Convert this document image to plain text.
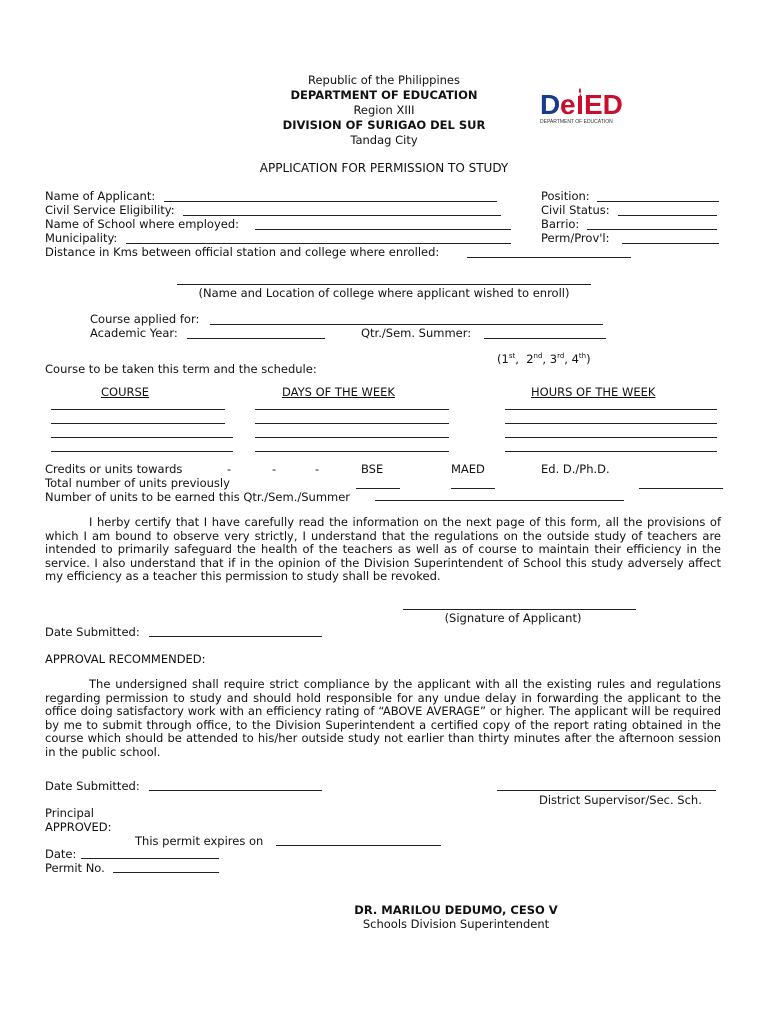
Republic of the Philippines
DEPARTMENT OF EDUCATION
Region XIII
DIVISION OF SURIGAO DEL SUR
Tandag City
D e ED
DEPARTMENT OF EDUCATION
APPLICATION FOR PERMISSION TO STUDY
Name of Applicant:	Position:
Civil Service Eligibility:	Civil Status:
Name of School where employed:	Barrio:
Municipality:	Perm/Prov'l:
Distance in Kms between official station and college where enrolled:
(Name and Location of college where applicant wished to enroll)
Course applied for:
Academic Year:	Qtr./Sem. Summer:
(1st,  2nd, 3rd, 4th)
Course to be taken this term and the schedule:
COURSE	DAYS OF THE WEEK	HOURS OF THE WEEK
Credits or units towards	-	-	-	BSE	MAED	Ed. D./Ph.D.
Total number of units previously
Number of units to be earned this Qtr./Sem./Summer
I herby certify that I have carefully read the information on the next page of this form, all the provisions of which I am bound to observe very strictly, I understand that the regulations on the outside study of teachers are intended to primarily safeguard the health of the teachers as well as of course to maintain their efficiency in the service. I also understand that if in the opinion of the Division Superintendent of School this study adversely affect my efficiency as a teacher this permission to study shall be revoked.
(Signature of Applicant)
Date Submitted:
APPROVAL RECOMMENDED:
The undersigned shall require strict compliance by the applicant with all the existing rules and regulations regarding permission to study and should hold responsible for any undue delay in forwarding the applicant to the office doing satisfactory work with an efficiency rating of “ABOVE AVERAGE” or higher. The applicant will be required by me to submit through office, to the Division Superintendent a certified copy of the report rating obtained in the course which should be attended to his/her outside study not earlier than thirty minutes after the afternoon session in the public school.
Date Submitted:
District Supervisor/Sec. Sch.
Principal
APPROVED:
This permit expires on
Date:
Permit No.
DR. MARILOU DEDUMO, CESO V
Schools Division Superintendent
